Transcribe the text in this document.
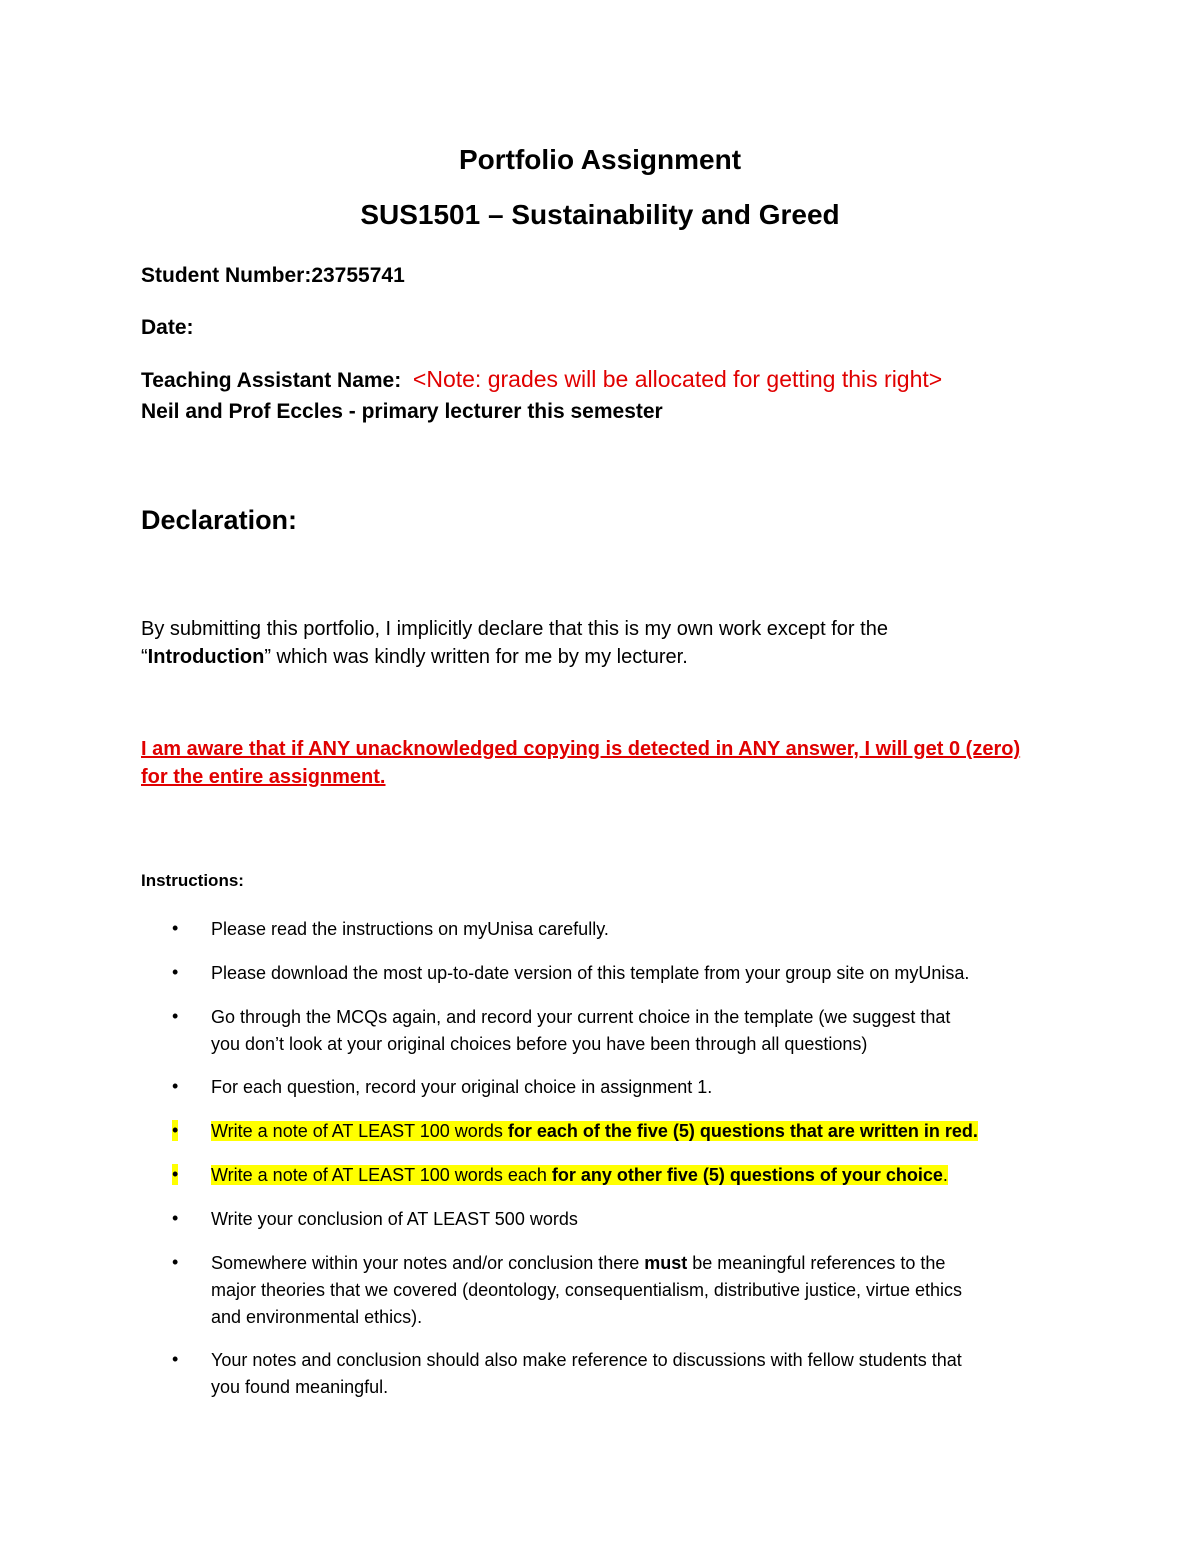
Portfolio Assignment
SUS1501 – Sustainability and Greed
Student Number:23755741
Date:
Teaching Assistant Name: <Note: grades will be allocated for getting this right>
Neil and Prof Eccles - primary lecturer this semester
Declaration:
By submitting this portfolio, I implicitly declare that this is my own work except for the
“Introduction” which was kindly written for me by my lecturer.
I am aware that if ANY unacknowledged copying is detected in ANY answer, I will get 0 (zero)
for the entire assignment.
Instructions:
• Please read the instructions on myUnisa carefully.
• Please download the most up-to-date version of this template from your group site on myUnisa.
• Go through the MCQs again, and record your current choice in the template (we suggest that
you don’t look at your original choices before you have been through all questions)
• For each question, record your original choice in assignment 1.
• Write a note of AT LEAST 100 words for each of the five (5) questions that are written in red.
• Write a note of AT LEAST 100 words each for any other five (5) questions of your choice.
• Write your conclusion of AT LEAST 500 words
• Somewhere within your notes and/or conclusion there must be meaningful references to the
major theories that we covered (deontology, consequentialism, distributive justice, virtue ethics
and environmental ethics).
• Your notes and conclusion should also make reference to discussions with fellow students that
you found meaningful.
